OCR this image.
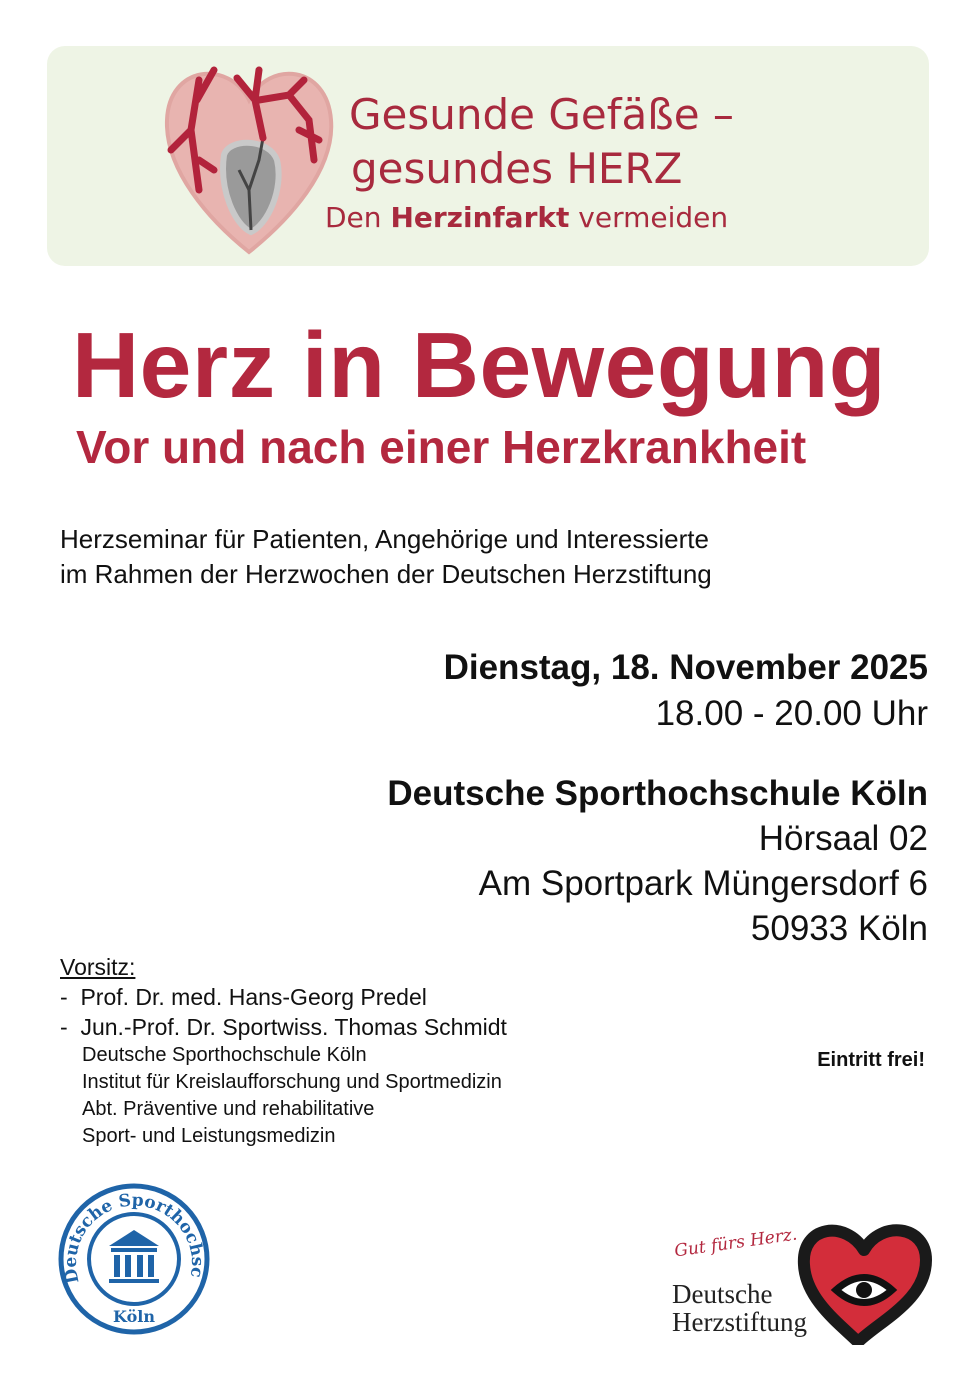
Gesunde Gefäße –
gesundes HERZ
Den Herzinfarkt vermeiden
Herz in Bewegung
Vor und nach einer Herzkrankheit
Herzseminar für Patienten, Angehörige und Interessierte
im Rahmen der Herzwochen der Deutschen Herzstiftung
Dienstag, 18. November 2025
18.00 - 20.00 Uhr
Deutsche Sporthochschule Köln
Hörsaal 02
Am Sportpark Müngersdorf 6
50933 Köln
Vorsitz:
-  Prof. Dr. med. Hans-Georg Predel
-  Jun.-Prof. Dr. Sportwiss. Thomas Schmidt
Deutsche Sporthochschule Köln
Institut für Kreislaufforschung und Sportmedizin
Abt. Präventive und rehabilitative
Sport- und Leistungsmedizin
Eintritt frei!
Deutsche Sporthochsc
Köln
Gut fürs Herz.
Deutsche
Herzstiftung
